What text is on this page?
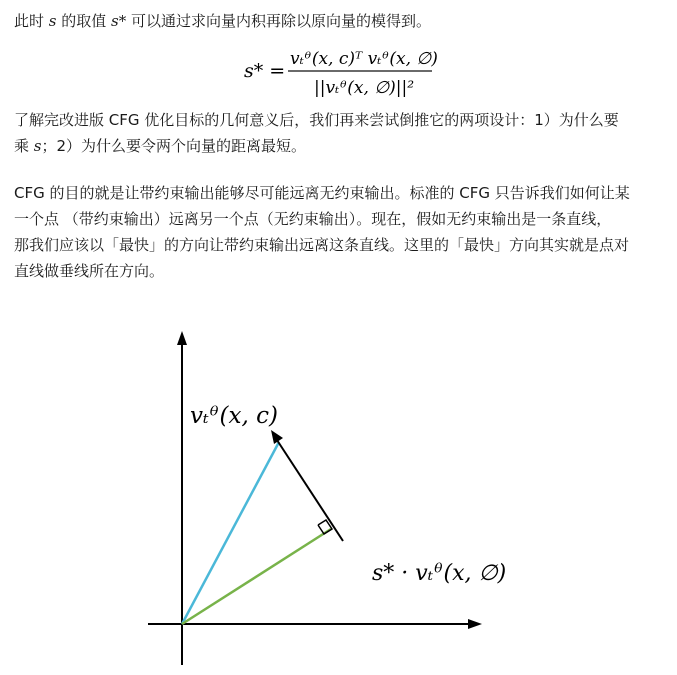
此时 s 的取值 s* 可以通过求向量内积再除以原向量的模得到。

s* =
vₜᶿ(x, c)ᵀ vₜᶿ(x, ∅)
||vₜᶿ(x, ∅)||²
了解完改进版 CFG 优化目标的几何意义后，我们再来尝试倒推它的两项设计：1）为什么要
乘 s；2）为什么要令两个向量的距离最短。
CFG 的目的就是让带约束输出能够尽可能远离无约束输出。标准的 CFG 只告诉我们如何让某
一个点 （带约束输出）远离另一个点（无约束输出）。现在，假如无约束输出是一条直线，
那我们应该以「最快」的方向让带约束输出远离这条直线。这里的「最快」方向其实就是点对
直线做垂线所在方向。
vₜᶿ(x, c)
s* · vₜᶿ(x, ∅)
